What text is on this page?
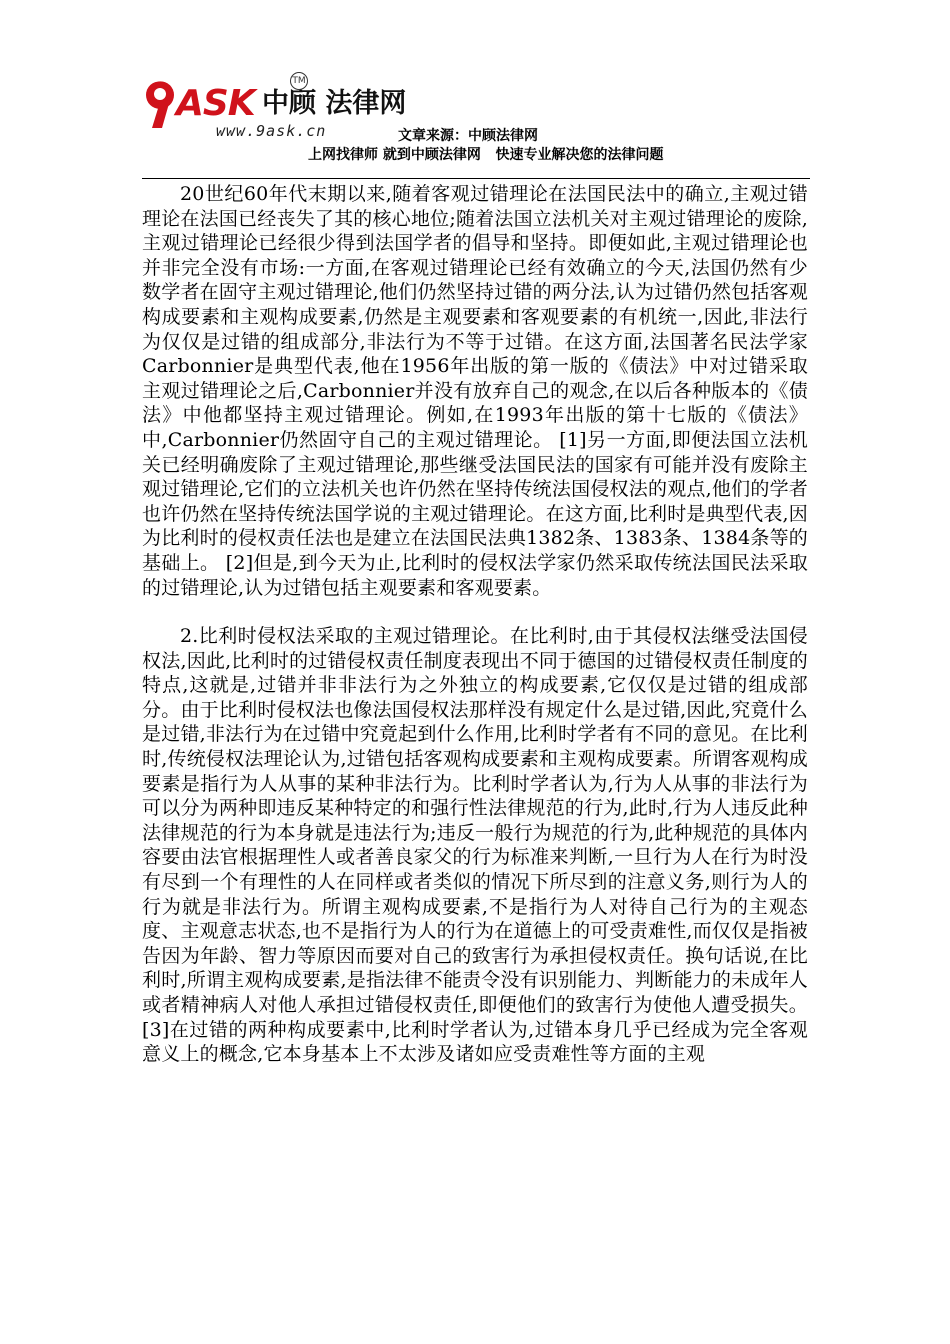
ASK 中顾 法律网
TM
www.9ask.cn	文章来源：中顾法律网
上网找律师 就到中顾法律网   快速专业解决您的法律问题

20世纪60年代末期以来,随着客观过错理论在法国民法中的确立,主观过错理论在法国已经丧失了其的核心地位;随着法国立法机关对主观过错理论的废除,主观过错理论已经很少得到法国学者的倡导和坚持。即便如此,主观过错理论也并非完全没有市场:一方面,在客观过错理论已经有效确立的今天,法国仍然有少数学者在固守主观过错理论,他们仍然坚持过错的两分法,认为过错仍然包括客观构成要素和主观构成要素,仍然是主观要素和客观要素的有机统一,因此,非法行为仅仅是过错的组成部分,非法行为不等于过错。在这方面,法国著名民法学家Carbonnier是典型代表,他在1956年出版的第一版的《债法》中对过错采取主观过错理论之后,Carbonnier并没有放弃自己的观念,在以后各种版本的《债法》中他都坚持主观过错理论。例如,在1993年出版的第十七版的《债法》中,Carbonnier仍然固守自己的主观过错理论。 [1]另一方面,即便法国立法机关已经明确废除了主观过错理论,那些继受法国民法的国家有可能并没有废除主观过错理论,它们的立法机关也许仍然在坚持传统法国侵权法的观点,他们的学者也许仍然在坚持传统法国学说的主观过错理论。在这方面,比利时是典型代表,因为比利时的侵权责任法也是建立在法国民法典1382条、1383条、1384条等的基础上。 [2]但是,到今天为止,比利时的侵权法学家仍然采取传统法国民法采取的过错理论,认为过错包括主观要素和客观要素。

2.比利时侵权法采取的主观过错理论。在比利时,由于其侵权法继受法国侵权法,因此,比利时的过错侵权责任制度表现出不同于德国的过错侵权责任制度的特点,这就是,过错并非非法行为之外独立的构成要素,它仅仅是过错的组成部分。由于比利时侵权法也像法国侵权法那样没有规定什么是过错,因此,究竟什么是过错,非法行为在过错中究竟起到什么作用,比利时学者有不同的意见。在比利时,传统侵权法理论认为,过错包括客观构成要素和主观构成要素。所谓客观构成要素是指行为人从事的某种非法行为。比利时学者认为,行为人从事的非法行为可以分为两种即违反某种特定的和强行性法律规范的行为,此时,行为人违反此种法律规范的行为本身就是违法行为;违反一般行为规范的行为,此种规范的具体内容要由法官根据理性人或者善良家父的行为标准来判断,一旦行为人在行为时没有尽到一个有理性的人在同样或者类似的情况下所尽到的注意义务,则行为人的行为就是非法行为。所谓主观构成要素,不是指行为人对待自己行为的主观态度、主观意志状态,也不是指行为人的行为在道德上的可受责难性,而仅仅是指被告因为年龄、智力等原因而要对自己的致害行为承担侵权责任。换句话说,在比利时,所谓主观构成要素,是指法律不能责令没有识别能力、判断能力的未成年人或者精神病人对他人承担过错侵权责任,即便他们的致害行为使他人遭受损失。 [3]在过错的两种构成要素中,比利时学者认为,过错本身几乎已经成为完全客观意义上的概念,它本身基本上不太涉及诸如应受责难性等方面的主观
